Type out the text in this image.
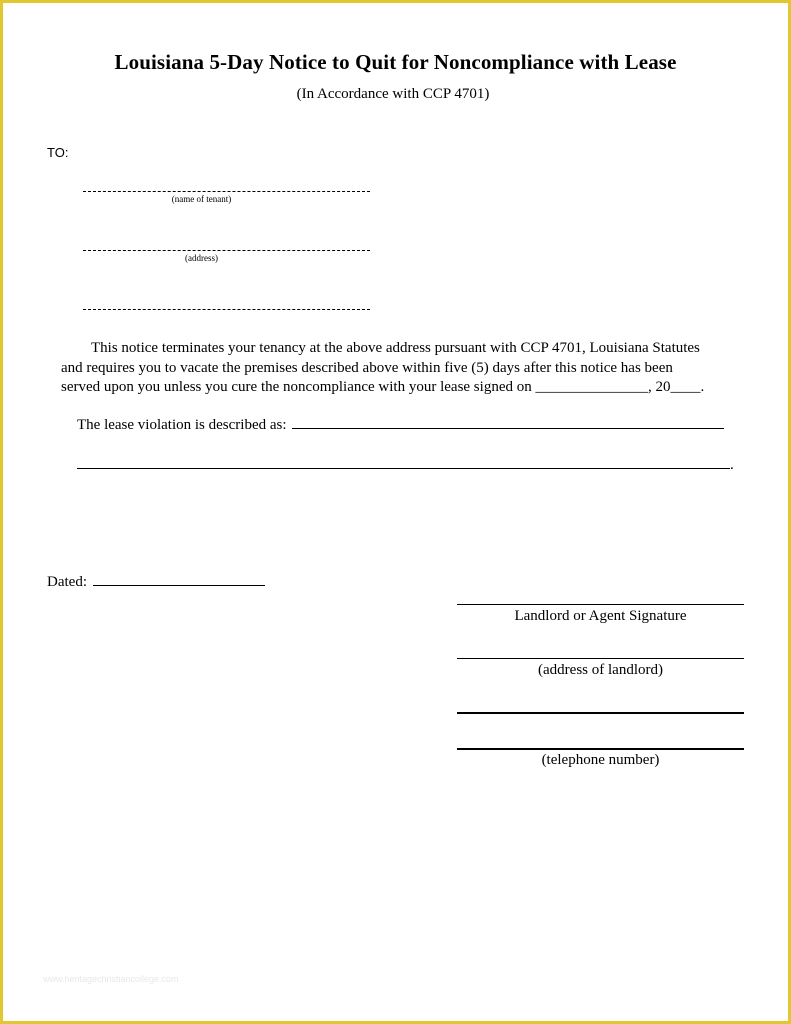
Louisiana 5-Day Notice to Quit for Noncompliance with Lease
(In Accordance with CCP 4701)
TO:
(name of tenant)
(address)
This notice terminates your tenancy at the above address pursuant with CCP 4701, Louisiana Statutes
and requires you to vacate the premises described above within five (5) days after this notice has been
served upon you unless you cure the noncompliance with your lease signed on _______________, 20____.
The lease violation is described as:
.
Dated:
Landlord or Agent Signature
(address of landlord)
(telephone number)
www.heritagechristiancollege.com
